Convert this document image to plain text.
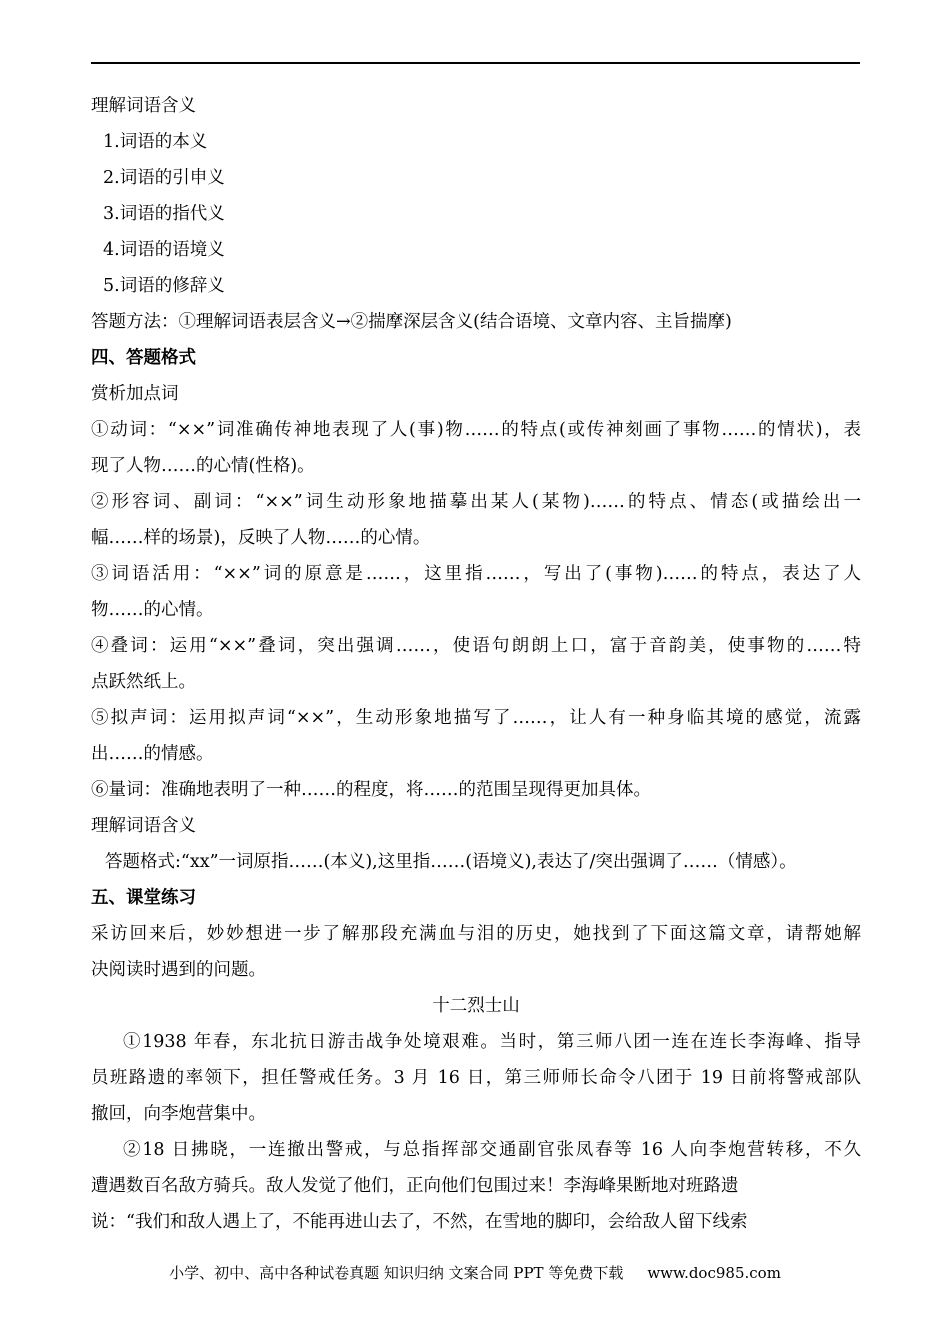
理解词语含义
1.词语的本义
2.词语的引申义
3.词语的指代义
4.词语的语境义
5.词语的修辞义
答题方法：①理解词语表层含义→②揣摩深层含义(结合语境、文章内容、主旨揣摩)
四、答题格式
赏析加点词
①动词：“××”词准确传神地表现了人(事)物……的特点(或传神刻画了事物……的情状)，表
现了人物……的心情(性格)。
②形容词、副词：“××”词生动形象地描摹出某人(某物)……的特点、情态(或描绘出一
幅……样的场景)，反映了人物……的心情。
③词语活用：“××”词的原意是……，这里指……，写出了(事物)……的特点，表达了人
物……的心情。
④叠词：运用“××”叠词，突出强调……，使语句朗朗上口，富于音韵美，使事物的……特
点跃然纸上。
⑤拟声词：运用拟声词“××”，生动形象地描写了……，让人有一种身临其境的感觉，流露
出……的情感。
⑥量词：准确地表明了一种……的程度，将……的范围呈现得更加具体。
理解词语含义
答题格式:“xx”一词原指……(本义),这里指……(语境义),表达了/突出强调了……（情感）。
五、课堂练习
采访回来后，妙妙想进一步了解那段充满血与泪的历史，她找到了下面这篇文章，请帮她解
决阅读时遇到的问题。
十二烈士山
①1938 年春，东北抗日游击战争处境艰难。当时，第三师八团一连在连长李海峰、指导
员班路遗的率领下，担任警戒任务。3 月 16 日，第三师师长命令八团于 19 日前将警戒部队
撤回，向李炮营集中。
②18 日拂晓，一连撤出警戒，与总指挥部交通副官张凤春等 16 人向李炮营转移，不久
遭遇数百名敌方骑兵。敌人发觉了他们，正向他们包围过来！李海峰果断地对班路遗
说：“我们和敌人遇上了，不能再进山去了，不然，在雪地的脚印，会给敌人留下线索
小学、初中、高中各种试卷真题 知识归纳 文案合同 PPT 等免费下载 www.doc985.com
